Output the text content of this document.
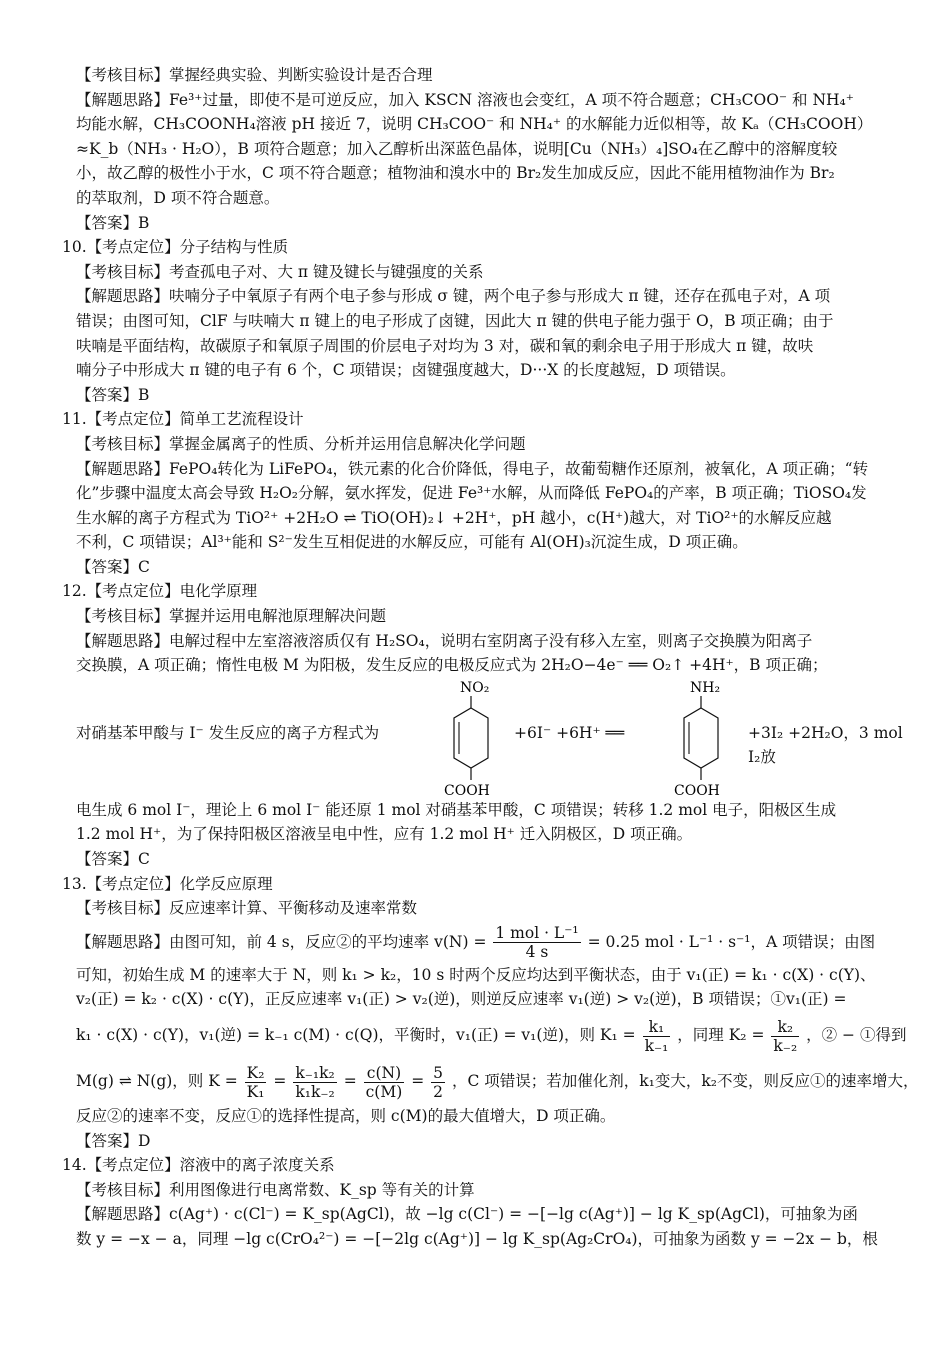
【考核目标】掌握经典实验、判断实验设计是否合理
【解题思路】Fe³⁺过量，即使不是可逆反应，加入 KSCN 溶液也会变红，A 项不符合题意；CH₃COO⁻ 和 NH₄⁺
均能水解，CH₃COONH₄溶液 pH 接近 7，说明 CH₃COO⁻ 和 NH₄⁺ 的水解能力近似相等，故 Kₐ（CH₃COOH）
≈K_b（NH₃ · H₂O），B 项符合题意；加入乙醇析出深蓝色晶体，说明[Cu（NH₃）₄]SO₄在乙醇中的溶解度较
小，故乙醇的极性小于水，C 项不符合题意；植物油和溴水中的 Br₂发生加成反应，因此不能用植物油作为 Br₂
的萃取剂，D 项不符合题意。
【答案】B
10.【考点定位】分子结构与性质
【考核目标】考查孤电子对、大 π 键及键长与键强度的关系
【解题思路】呋喃分子中氧原子有两个电子参与形成 σ 键，两个电子参与形成大 π 键，还存在孤电子对，A 项
错误；由图可知，ClF 与呋喃大 π 键上的电子形成了卤键，因此大 π 键的供电子能力强于 O，B 项正确；由于
呋喃是平面结构，故碳原子和氧原子周围的价层电子对均为 3 对，碳和氧的剩余电子用于形成大 π 键，故呋
喃分子中形成大 π 键的电子有 6 个，C 项错误；卤键强度越大，D···X 的长度越短，D 项错误。
【答案】B
11.【考点定位】简单工艺流程设计
【考核目标】掌握金属离子的性质、分析并运用信息解决化学问题
【解题思路】FePO₄转化为 LiFePO₄，铁元素的化合价降低，得电子，故葡萄糖作还原剂，被氧化，A 项正确；“转
化”步骤中温度太高会导致 H₂O₂分解，氨水挥发，促进 Fe³⁺水解，从而降低 FePO₄的产率，B 项正确；TiOSO₄发
生水解的离子方程式为 TiO²⁺ +2H₂O ⇌ TiO(OH)₂↓ +2H⁺，pH 越小，c(H⁺)越大，对 TiO²⁺的水解反应越
不利，C 项错误；Al³⁺能和 S²⁻发生互相促进的水解反应，可能有 Al(OH)₃沉淀生成，D 项正确。
【答案】C
12.【考点定位】电化学原理
【考核目标】掌握并运用电解池原理解决问题
【解题思路】电解过程中左室溶液溶质仅有 H₂SO₄，说明右室阴离子没有移入左室，则离子交换膜为阳离子
交换膜，A 项正确；惰性电极 M 为阳极，发生反应的电极反应式为 2H₂O−4e⁻ ══ O₂↑ +4H⁺，B 项正确；
对硝基苯甲酸与 I⁻ 发生反应的离子方程式为
NO₂
COOH
+6I⁻ +6H⁺ ══
NH₂
COOH
+3I₂ +2H₂O，3 mol I₂放
电生成 6 mol I⁻，理论上 6 mol I⁻ 能还原 1 mol 对硝基苯甲酸，C 项错误；转移 1.2 mol 电子，阳极区生成
1.2 mol H⁺，为了保持阳极区溶液呈电中性，应有 1.2 mol H⁺ 迁入阴极区，D 项正确。
【答案】C
13.【考点定位】化学反应原理
【考核目标】反应速率计算、平衡移动及速率常数
【解题思路】由图可知，前 4 s，反应②的平均速率 $v(N) = \frac{\text{1 mol · L⁻¹}}{4 s} = 0.25$ mol · L⁻¹ · s⁻¹，A 项错误；由图
可知，初始生成 M 的速率大于 N，则 k₁ > k₂，10 s 时两个反应均达到平衡状态，由于 v₁(正) = k₁ · c(X) · c(Y)、
v₂(正) = k₂ · c(X) · c(Y)，正反应速率 v₁(正) > v₂(逆)，则逆反应速率 v₁(逆) > v₂(逆)，B 项错误；①v₁(正) =
k₁ · c(X) · c(Y)，v₁(逆) = k₋₁ c(M) · c(Q)，平衡时，v₁(正) = v₁(逆)，则 $K_1 = \frac{\text{k₁}}{\text{k₋₁}}$ ，同理 $K_2 = \frac{\text{k₂}}{\text{k₋₂}}$ ，② − ①得到
M(g) ⇌ N(g)，则 $K = \frac{\text{K₂}}{\text{K₁}} = \frac{\text{k₋₁k₂}}{\text{k₁k₋₂}} = \frac{c(N)}{c(M)} = \frac{5}{2}$ ，C 项错误；若加催化剂，k₁变大，k₂不变，则反应①的速率增大，
反应②的速率不变，反应①的选择性提高，则 c(M)的最大值增大，D 项正确。
【答案】D
14.【考点定位】溶液中的离子浓度关系
【考核目标】利用图像进行电离常数、K_sp 等有关的计算
【解题思路】c(Ag⁺) · c(Cl⁻) = K_sp(AgCl)，故 −lg c(Cl⁻) = −[−lg c(Ag⁺)] − lg K_sp(AgCl)，可抽象为函
数 y = −x − a，同理 −lg c(CrO₄²⁻) = −[−2lg c(Ag⁺)] − lg K_sp(Ag₂CrO₄)，可抽象为函数 y = −2x − b，根
